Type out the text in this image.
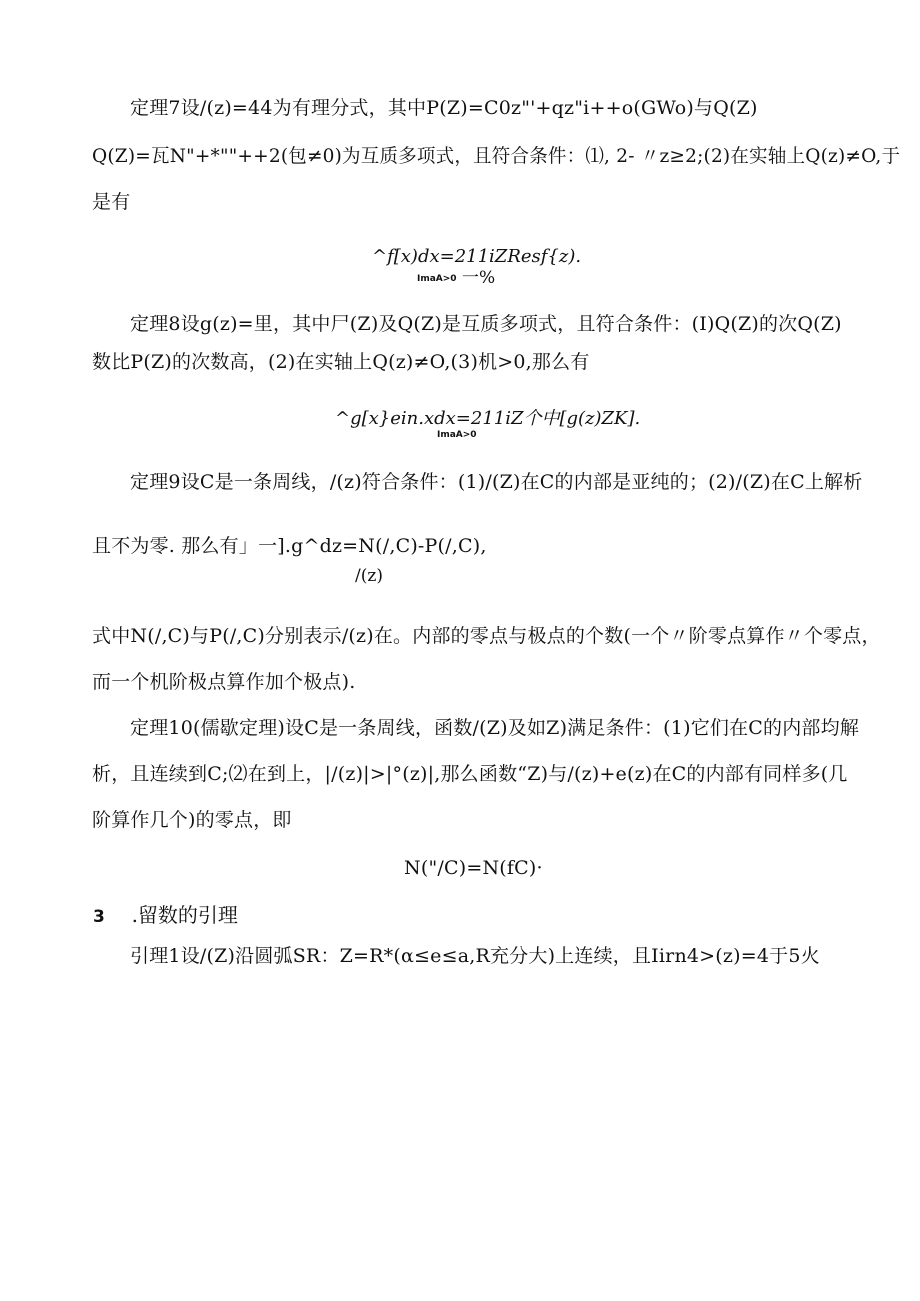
定理7设/(z)=44为有理分式，其中P(Z)=C0z"'+qz"i++o(GWo)与Q(Z)
Q(Z)=瓦N"+*""++2(包≠0)为互质多项式，且符合条件：⑴, 2- 〃z≥2;(2)在实轴上Q(z)≠O,于
是有
^f[x)dx=211iZResf{z).
ImaA>0 一%
定理8设g(z)=里，其中尸(Z)及Q(Z)是互质多项式，且符合条件：(I)Q(Z)的次Q(Z)
数比P(Z)的次数高，(2)在实轴上Q(z)≠O,(3)机>0,那么有
^g[x}ein.xdx=211iZ个中[g(z)ZK].
ImaA>0
定理9设C是一条周线，/(z)符合条件：(1)/(Z)在C的内部是亚纯的；(2)/(Z)在C上解析
且不为零. 那么有」一].g^dz=N(/,C)-P(/,C),
/(z)
式中N(/,C)与P(/,C)分别表示/(z)在。内部的零点与极点的个数(一个〃阶零点算作〃个零点，
而一个机阶极点算作加个极点).
定理10(儒歇定理)设C是一条周线，函数/(Z)及如Z)满足条件：(1)它们在C的内部均解
析，且连续到C;⑵在到上，|/(z)|>|°(z)|,那么函数“Z)与/(z)+e(z)在C的内部有同样多(几
阶算作几个)的零点，即
N("/C)=N(fC)·
3 .留数的引理
引理1设/(Z)沿圆弧SR：Z=R*(α≤e≤a,R充分大)上连续，且Iirn4>(z)=4于5火
